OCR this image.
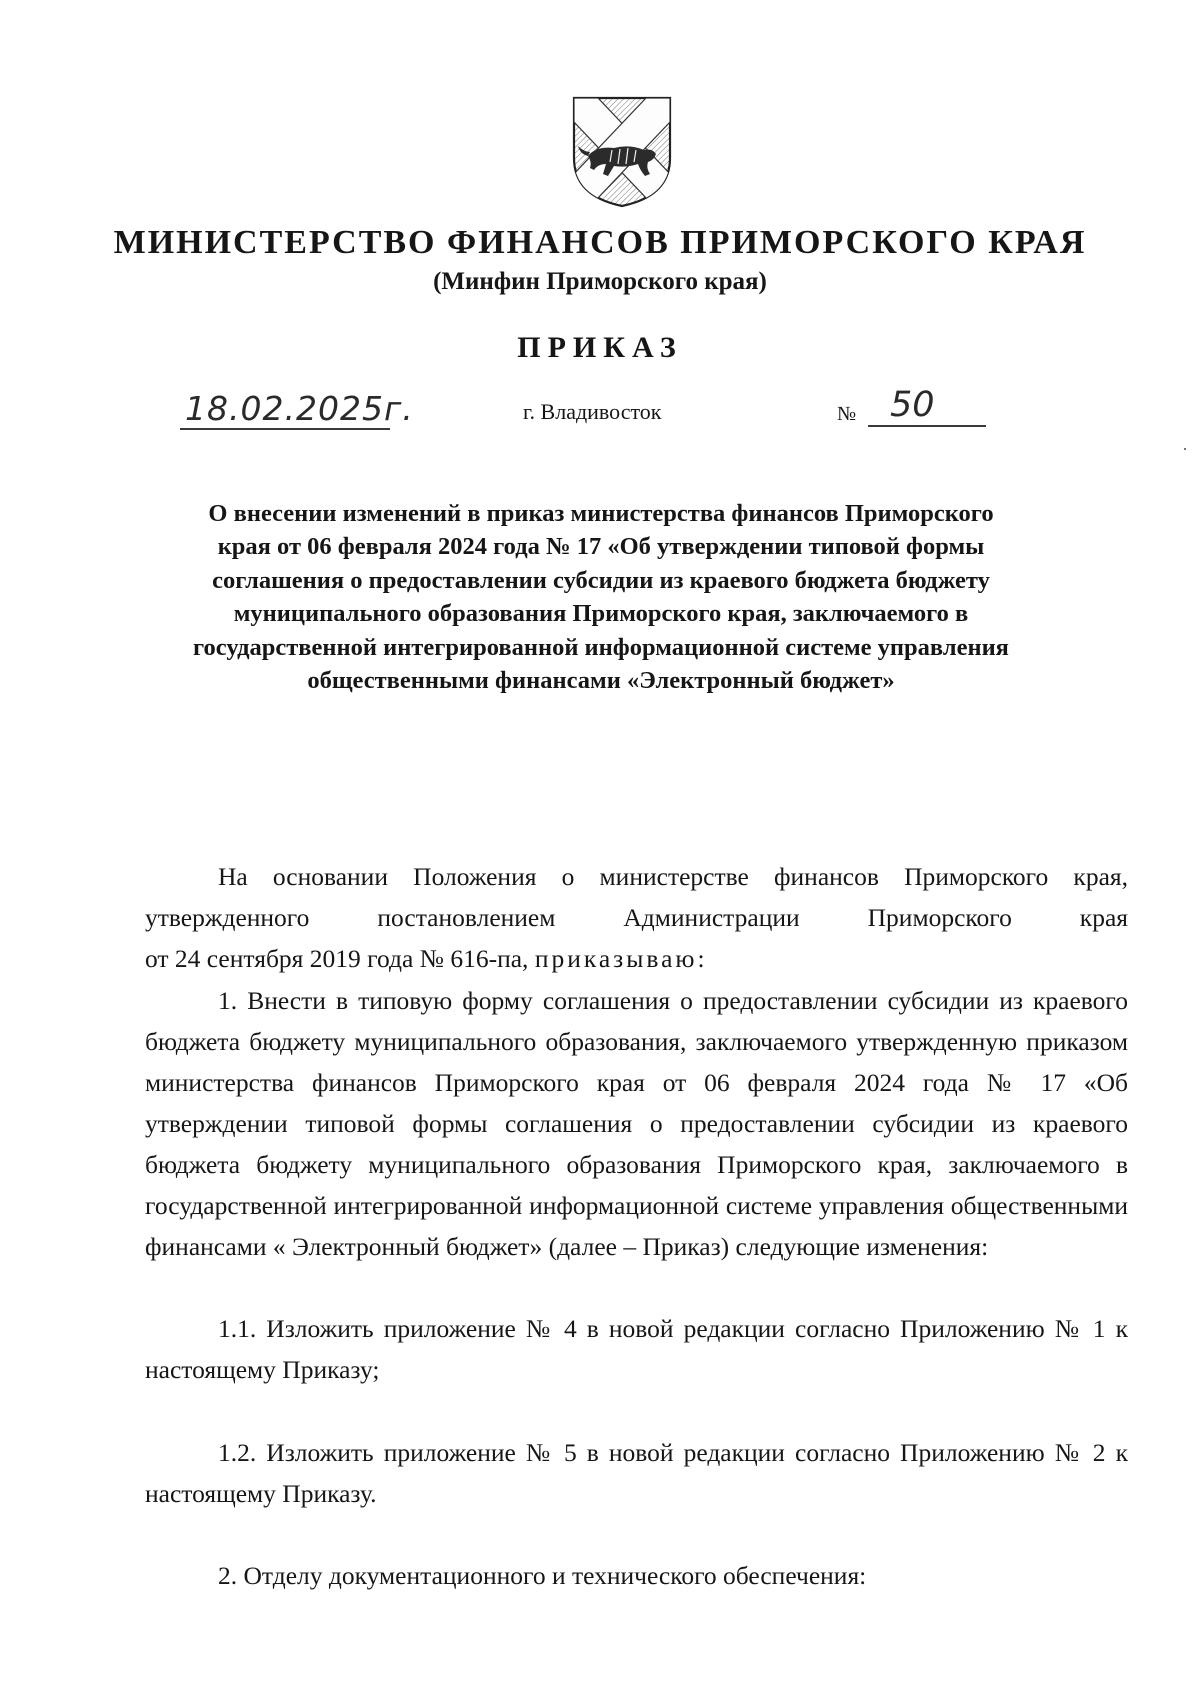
МИНИСТЕРСТВО ФИНАНСОВ ПРИМОРСКОГО КРАЯ
(Минфин Приморского края)
ПРИКАЗ
18.02.2025г.	г. Владивосток	№ 50
О внесении изменений в приказ министерства финансов Приморского края от 06 февраля 2024 года № 17 «Об утверждении типовой формы соглашения о предоставлении субсидии из краевого бюджета бюджету муниципального образования Приморского края, заключаемого в государственной интегрированной информационной системе управления общественными финансами «Электронный бюджет»

На основании Положения о министерстве финансов Приморского края,

утвержденного постановлением Администрации Приморского края

от 24 сентября 2019 года № 616-па, приказываю:

1. Внести в типовую форму соглашения о предоставлении субсидии из краевого бюджета бюджету муниципального образования, заключаемого утвержденную приказом министерства финансов Приморского края от 06 февраля 2024 года № 17 «Об утверждении типовой формы соглашения о предоставлении субсидии из краевого бюджета бюджету муниципального образования Приморского края, заключаемого в государственной интегрированной информационной системе управления общественными финансами « Электронный бюджет» (далее – Приказ) следующие изменения:

1.1. Изложить приложение № 4 в новой редакции согласно Приложению № 1 к настоящему Приказу;

1.2. Изложить приложение № 5 в новой редакции согласно Приложению № 2 к настоящему Приказу.

2. Отделу документационного и технического обеспечения:
